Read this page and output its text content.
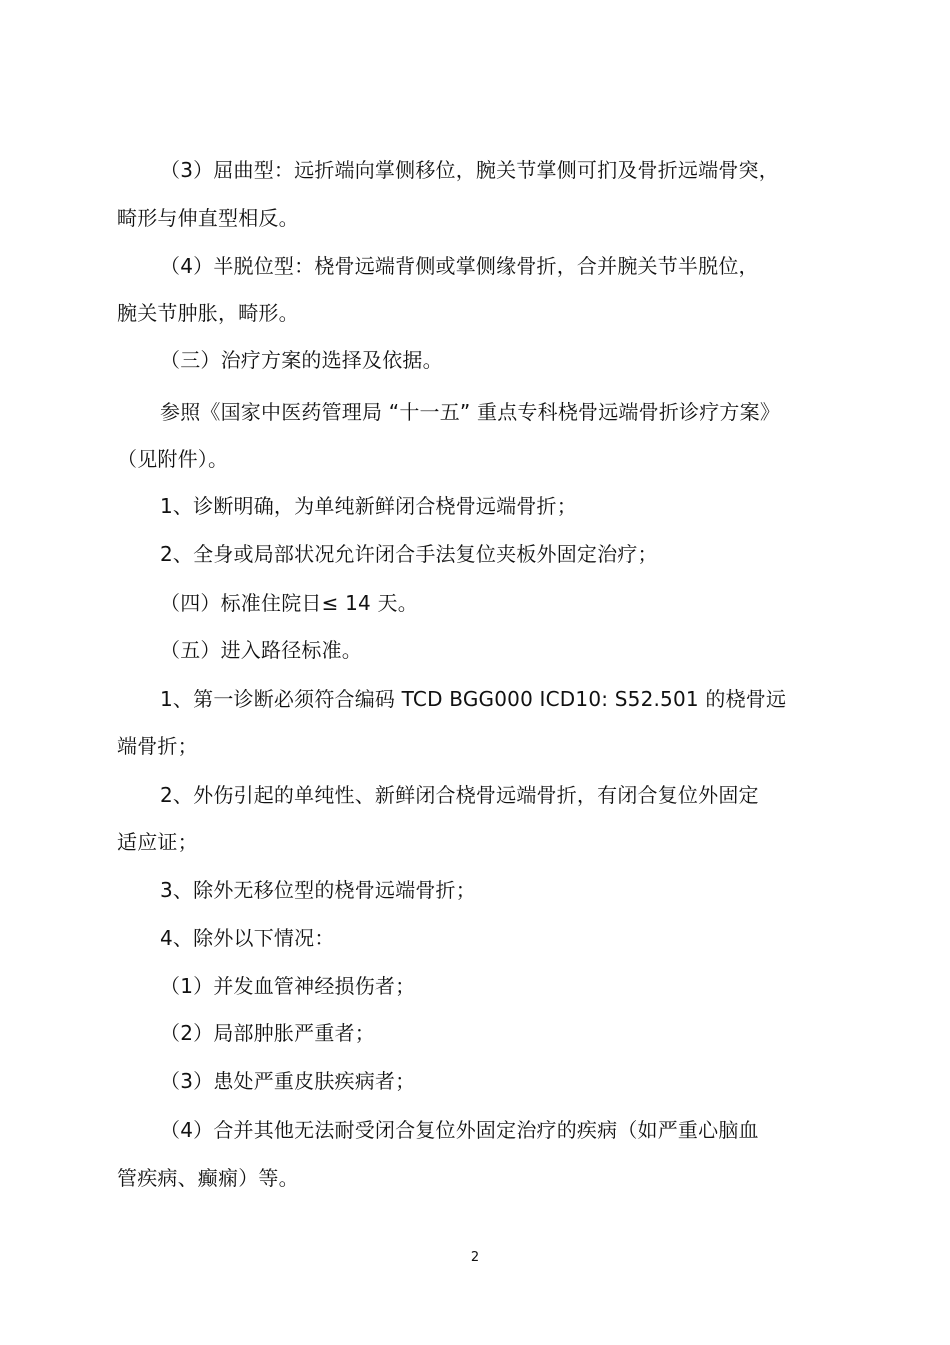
（3）屈曲型：远折端向掌侧移位，腕关节掌侧可扪及骨折远端骨突，
畸形与伸直型相反。
（4）半脱位型：桡骨远端背侧或掌侧缘骨折，合并腕关节半脱位，
腕关节肿胀，畸形。
（三）治疗方案的选择及依据。
参照《国家中医药管理局 “十一五” 重点专科桡骨远端骨折诊疗方案》
（见附件）。
1、诊断明确，为单纯新鲜闭合桡骨远端骨折；
2、全身或局部状况允许闭合手法复位夹板外固定治疗；
（四）标准住院日≤ 14 天。
（五）进入路径标准。
1、第一诊断必须符合编码 TCD BGG000 ICD10: S52.501 的桡骨远
端骨折；
2、外伤引起的单纯性、新鲜闭合桡骨远端骨折，有闭合复位外固定
适应证；
3、除外无移位型的桡骨远端骨折；
4、除外以下情况：
（1）并发血管神经损伤者；
（2）局部肿胀严重者；
（3）患处严重皮肤疾病者；
（4）合并其他无法耐受闭合复位外固定治疗的疾病（如严重心脑血
管疾病、癫痫）等。
2
